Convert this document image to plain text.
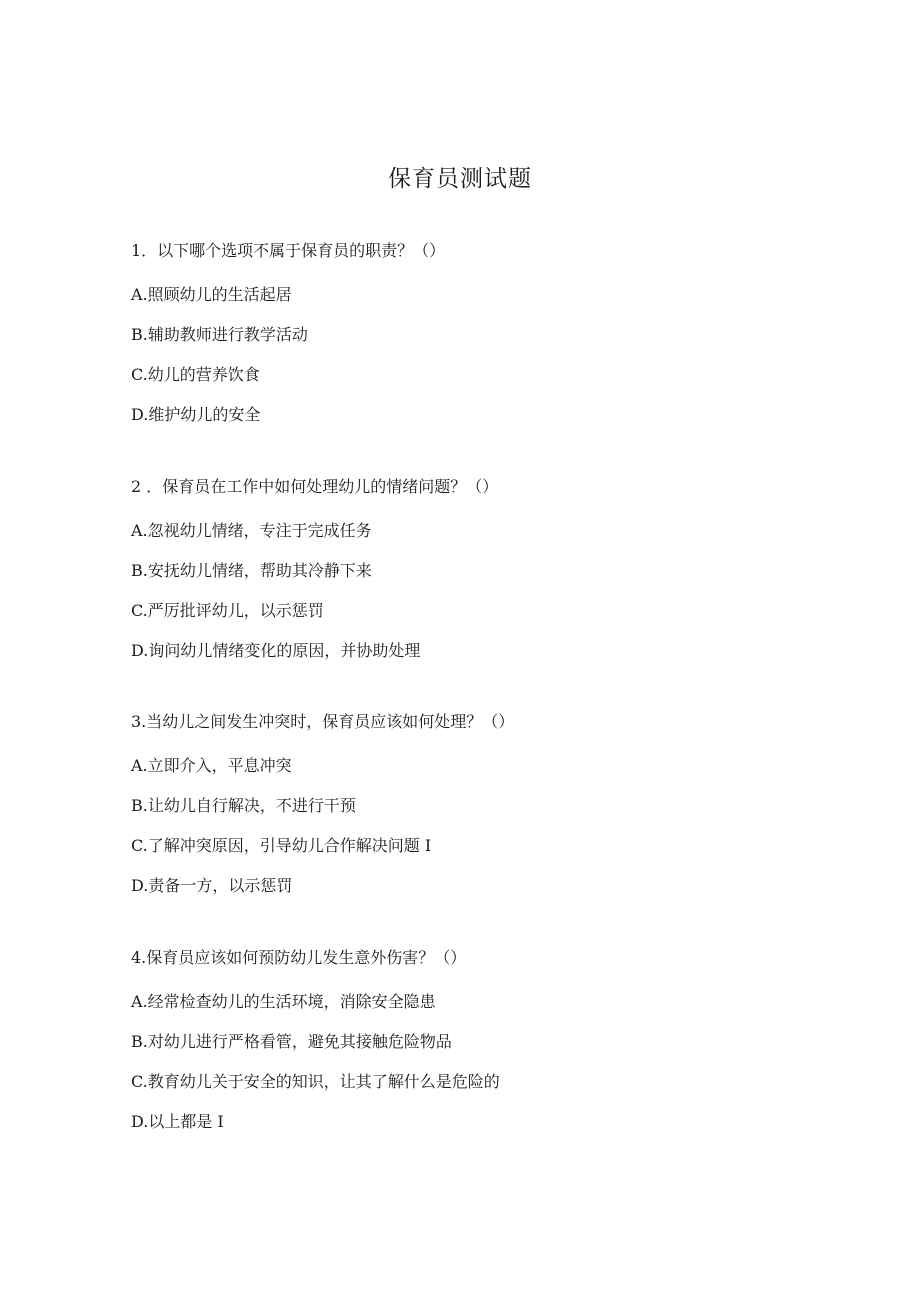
保育员测试题
1．以下哪个选项不属于保育员的职责？（）
A.照顾幼儿的生活起居
B.辅助教师进行教学活动
C.幼儿的营养饮食
D.维护幼儿的安全
2 ．保育员在工作中如何处理幼儿的情绪问题？（）
A.忽视幼儿情绪，专注于完成任务
B.安抚幼儿情绪，帮助其冷静下来
C.严厉批评幼儿，以示惩罚
D.询问幼儿情绪变化的原因，并协助处理
3.当幼儿之间发生冲突时，保育员应该如何处理？（）
A.立即介入，平息冲突
B.让幼儿自行解决，不进行干预
C.了解冲突原因，引导幼儿合作解决问题 I
D.责备一方，以示惩罚
4.保育员应该如何预防幼儿发生意外伤害？（）
A.经常检查幼儿的生活环境，消除安全隐患
B.对幼儿进行严格看管，避免其接触危险物品
C.教育幼儿关于安全的知识，让其了解什么是危险的
D.以上都是 I
